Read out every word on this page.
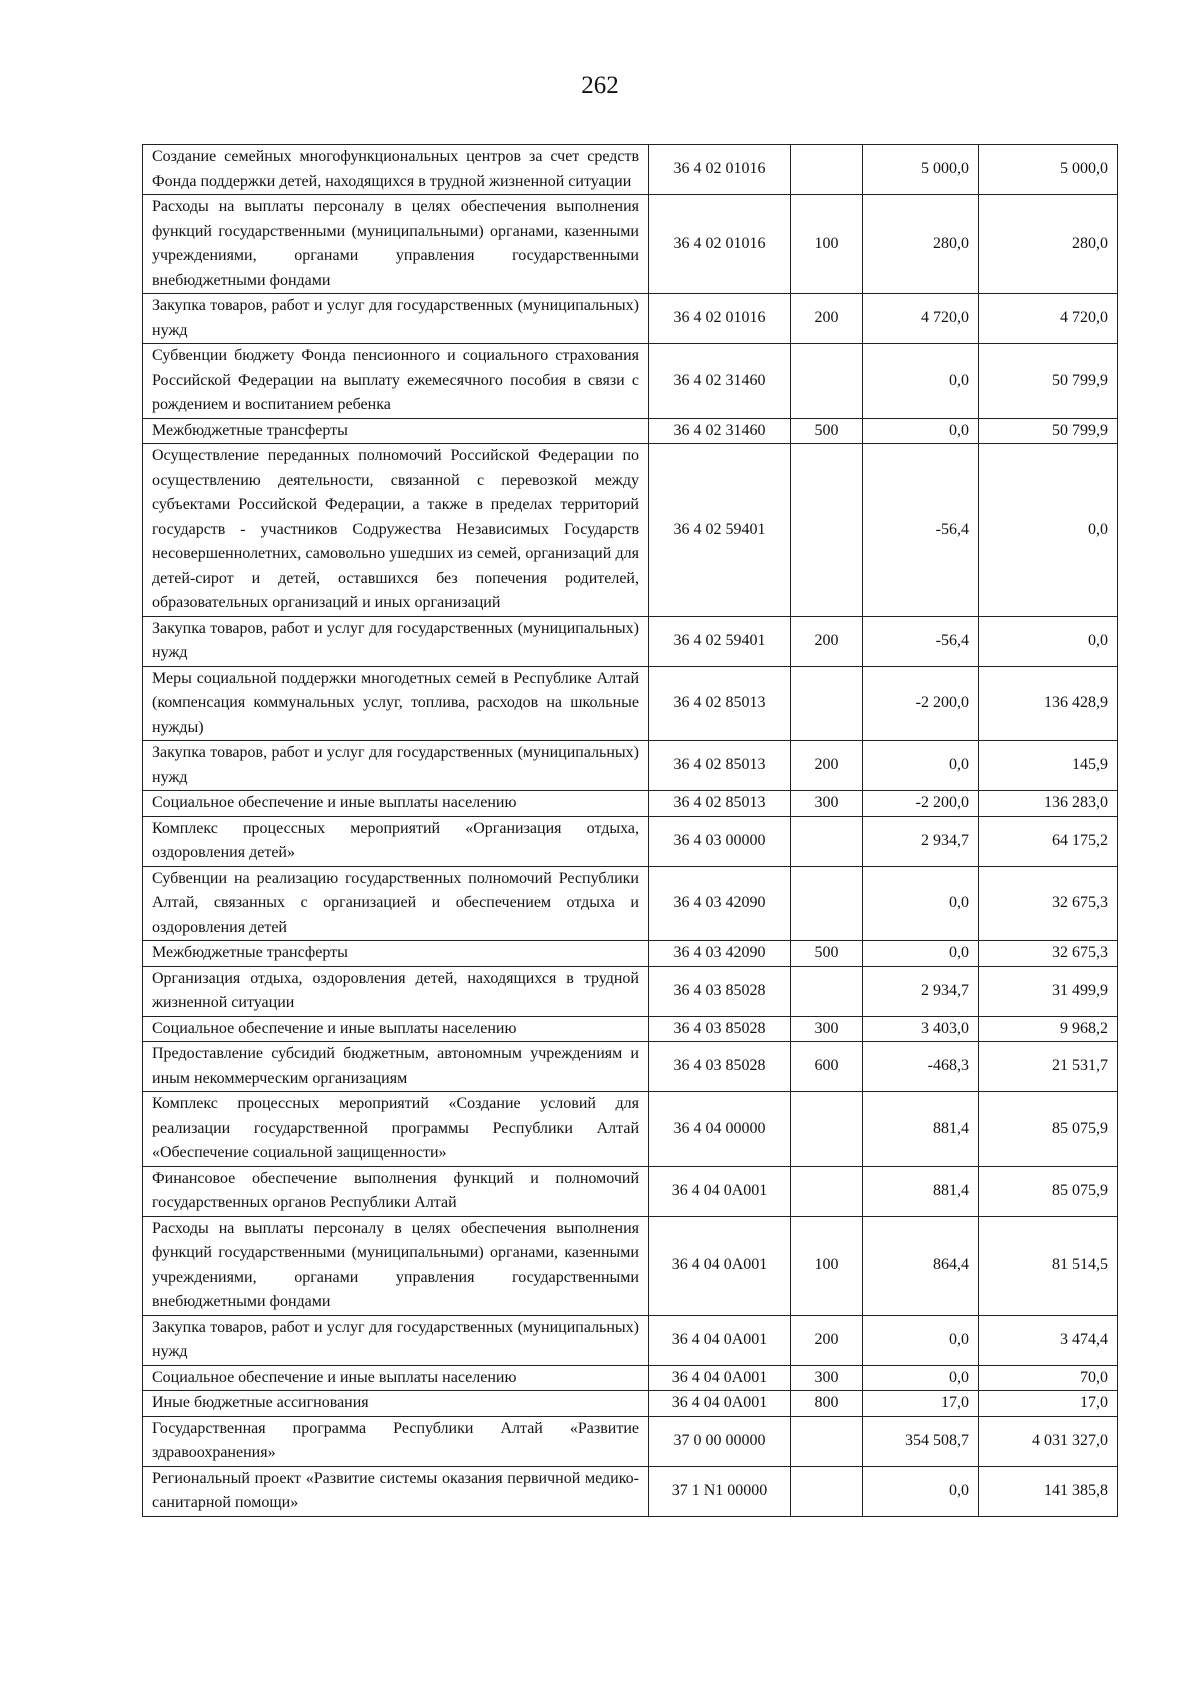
262
Создание семейных многофункциональных центров за счет средств Фонда поддержки детей, находящихся в трудной жизненной ситуации	36 4 02 01016		5 000,0	5 000,0
Расходы на выплаты персоналу в целях обеспечения выполнения функций государственными (муниципальными) органами, казенными учреждениями, органами управления государственными внебюджетными фондами	36 4 02 01016	100	280,0	280,0
Закупка товаров, работ и услуг для государственных (муниципальных) нужд	36 4 02 01016	200	4 720,0	4 720,0
Субвенции бюджету Фонда пенсионного и социального страхования Российской Федерации на выплату ежемесячного пособия в связи с рождением и воспитанием ребенка	36 4 02 31460		0,0	50 799,9
Межбюджетные трансферты	36 4 02 31460	500	0,0	50 799,9
Осуществление переданных полномочий Российской Федерации по осуществлению деятельности, связанной с перевозкой между субъектами Российской Федерации, а также в пределах территорий государств - участников Содружества Независимых Государств несовершеннолетних, самовольно ушедших из семей, организаций для детей-сирот и детей, оставшихся без попечения родителей, образовательных организаций и иных организаций	36 4 02 59401		-56,4	0,0
Закупка товаров, работ и услуг для государственных (муниципальных) нужд	36 4 02 59401	200	-56,4	0,0
Меры социальной поддержки многодетных семей в Республике Алтай (компенсация коммунальных услуг, топлива, расходов на школьные нужды)	36 4 02 85013		-2 200,0	136 428,9
Закупка товаров, работ и услуг для государственных (муниципальных) нужд	36 4 02 85013	200	0,0	145,9
Социальное обеспечение и иные выплаты населению	36 4 02 85013	300	-2 200,0	136 283,0
Комплекс процессных мероприятий «Организация отдыха, оздоровления детей»	36 4 03 00000		2 934,7	64 175,2
Субвенции на реализацию государственных полномочий Республики Алтай, связанных с организацией и обеспечением отдыха и оздоровления детей	36 4 03 42090		0,0	32 675,3
Межбюджетные трансферты	36 4 03 42090	500	0,0	32 675,3
Организация отдыха, оздоровления детей, находящихся в трудной жизненной ситуации	36 4 03 85028		2 934,7	31 499,9
Социальное обеспечение и иные выплаты населению	36 4 03 85028	300	3 403,0	9 968,2
Предоставление субсидий бюджетным, автономным учреждениям и иным некоммерческим организациям	36 4 03 85028	600	-468,3	21 531,7
Комплекс процессных мероприятий «Создание условий для реализации государственной программы Республики Алтай «Обеспечение социальной защищенности»	36 4 04 00000		881,4	85 075,9
Финансовое обеспечение выполнения функций и полномочий государственных органов Республики Алтай	36 4 04 0А001		881,4	85 075,9
Расходы на выплаты персоналу в целях обеспечения выполнения функций государственными (муниципальными) органами, казенными учреждениями, органами управления государственными внебюджетными фондами	36 4 04 0А001	100	864,4	81 514,5
Закупка товаров, работ и услуг для государственных (муниципальных) нужд	36 4 04 0А001	200	0,0	3 474,4
Социальное обеспечение и иные выплаты населению	36 4 04 0А001	300	0,0	70,0
Иные бюджетные ассигнования	36 4 04 0А001	800	17,0	17,0
Государственная программа Республики Алтай «Развитие здравоохранения»	37 0 00 00000		354 508,7	4 031 327,0
Региональный проект «Развитие системы оказания первичной медико-санитарной помощи»	37 1 N1 00000		0,0	141 385,8
